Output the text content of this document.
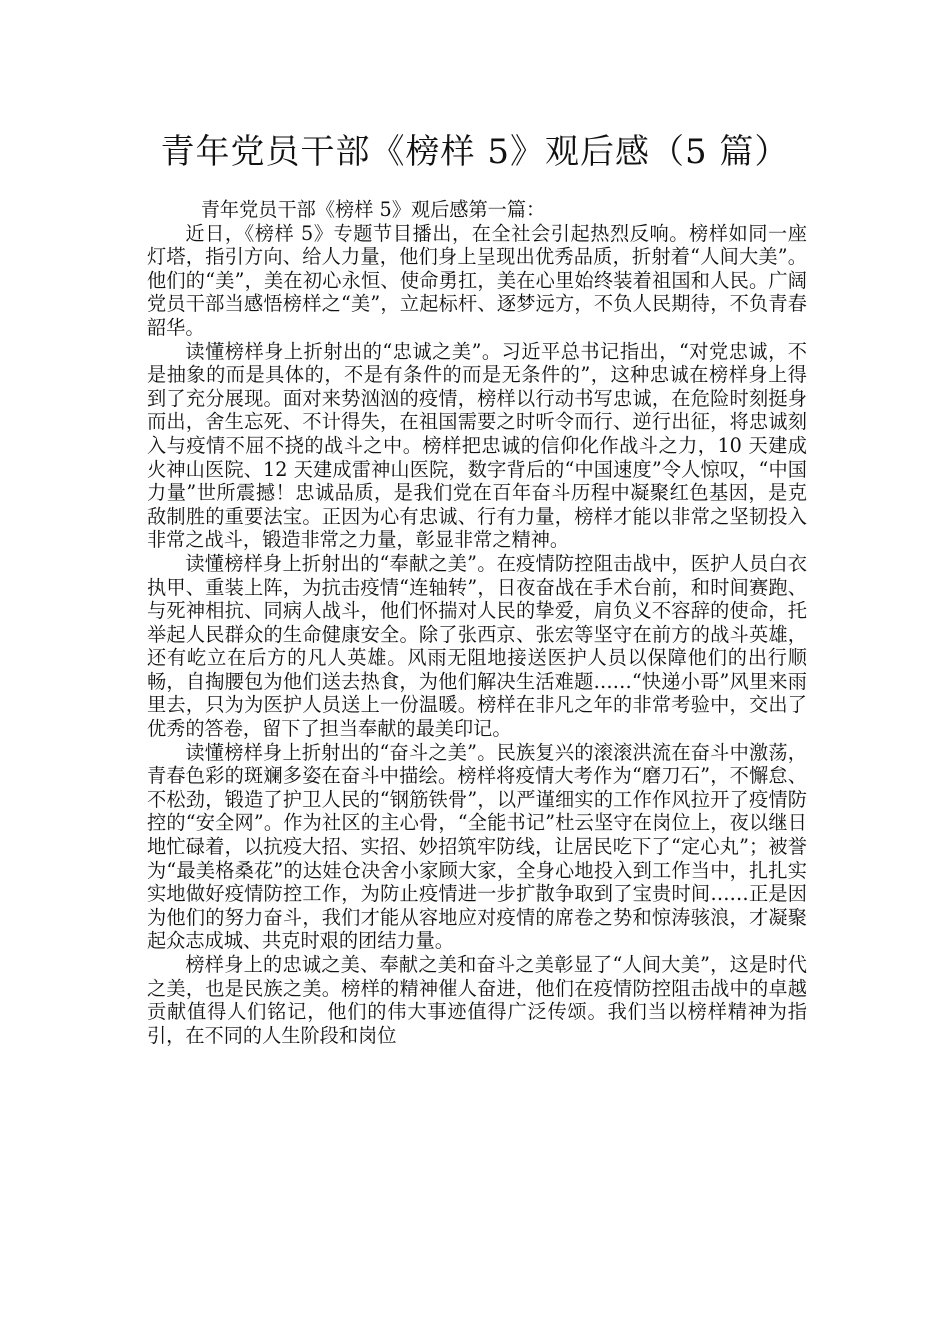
青年党员干部《榜样 5》观后感（5 篇）

青年党员干部《榜样 5》观后感第一篇：

近日，《榜样 5》专题节目播出，在全社会引起热烈反响。榜样如同一座灯塔，指引方向、给人力量，他们身上呈现出优秀品质，折射着“人间大美”。他们的“美”，美在初心永恒、使命勇扛，美在心里始终装着祖国和人民。广阔党员干部当感悟榜样之“美”，立起标杆、逐梦远方，不负人民期待，不负青春韶华。

读懂榜样身上折射出的“忠诚之美”。习近平总书记指出，“对党忠诚，不是抽象的而是具体的，不是有条件的而是无条件的”，这种忠诚在榜样身上得到了充分展现。面对来势汹汹的疫情，榜样以行动书写忠诚，在危险时刻挺身而出，舍生忘死、不计得失，在祖国需要之时听令而行、逆行出征，将忠诚刻入与疫情不屈不挠的战斗之中。榜样把忠诚的信仰化作战斗之力，10 天建成火神山医院、12 天建成雷神山医院，数字背后的“中国速度”令人惊叹，“中国力量”世所震撼！忠诚品质，是我们党在百年奋斗历程中凝聚红色基因，是克敌制胜的重要法宝。正因为心有忠诚、行有力量，榜样才能以非常之坚韧投入非常之战斗，锻造非常之力量，彰显非常之精神。

读懂榜样身上折射出的“奉献之美”。在疫情防控阻击战中，医护人员白衣执甲、重装上阵，为抗击疫情“连轴转”，日夜奋战在手术台前，和时间赛跑、与死神相抗、同病人战斗，他们怀揣对人民的挚爱，肩负义不容辞的使命，托举起人民群众的生命健康安全。除了张西京、张宏等坚守在前方的战斗英雄，还有屹立在后方的凡人英雄。风雨无阻地接送医护人员以保障他们的出行顺畅，自掏腰包为他们送去热食，为他们解决生活难题……“快递小哥”风里来雨里去，只为为医护人员送上一份温暖。榜样在非凡之年的非常考验中，交出了优秀的答卷，留下了担当奉献的最美印记。

读懂榜样身上折射出的“奋斗之美”。民族复兴的滚滚洪流在奋斗中激荡，青春色彩的斑斓多姿在奋斗中描绘。榜样将疫情大考作为“磨刀石”，不懈怠、不松劲，锻造了护卫人民的“钢筋铁骨”，以严谨细实的工作作风拉开了疫情防控的“安全网”。作为社区的主心骨，“全能书记”杜云坚守在岗位上，夜以继日地忙碌着，以抗疫大招、实招、妙招筑牢防线，让居民吃下了“定心丸”；被誉为“最美格桑花”的达娃仓决舍小家顾大家，全身心地投入到工作当中，扎扎实实地做好疫情防控工作，为防止疫情进一步扩散争取到了宝贵时间……正是因为他们的努力奋斗，我们才能从容地应对疫情的席卷之势和惊涛骇浪，才凝聚起众志成城、共克时艰的团结力量。

榜样身上的忠诚之美、奉献之美和奋斗之美彰显了“人间大美”，这是时代之美，也是民族之美。榜样的精神催人奋进，他们在疫情防控阻击战中的卓越贡献值得人们铭记，他们的伟大事迹值得广泛传颂。我们当以榜样精神为指引，在不同的人生阶段和岗位
